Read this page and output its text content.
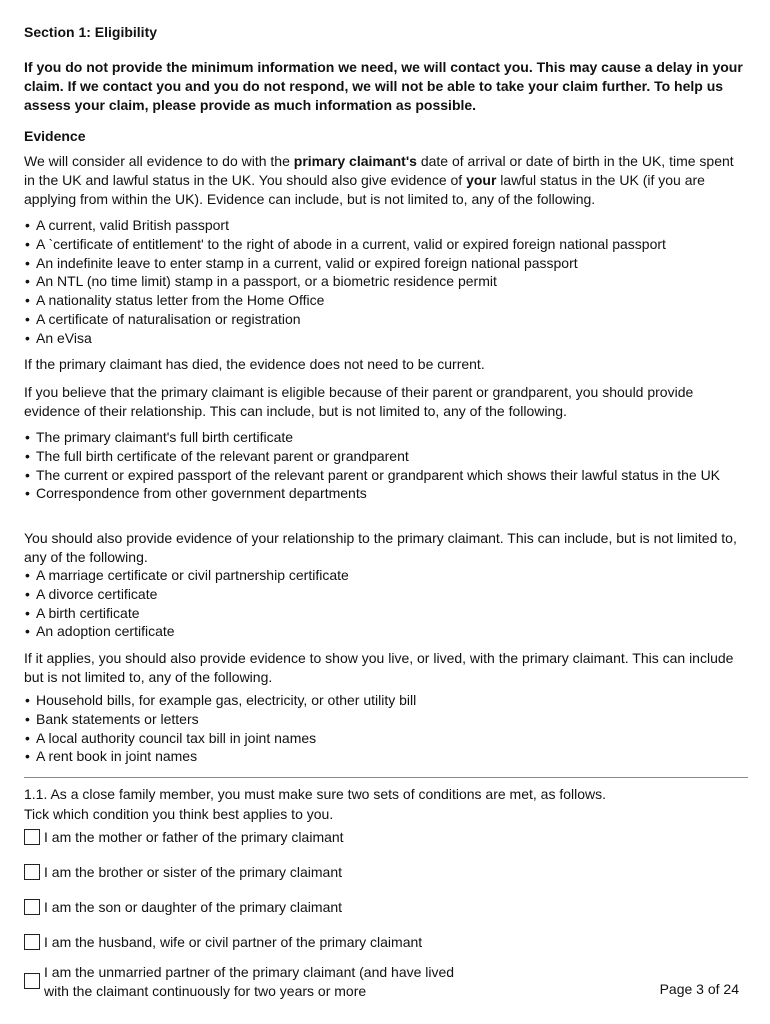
Section 1: Eligibility
If you do not provide the minimum information we need, we will contact you. This may cause a delay in your claim. If we contact you and you do not respond, we will not be able to take your claim further. To help us assess your claim, please provide as much information as possible.
Evidence
We will consider all evidence to do with the primary claimant's date of arrival or date of birth in the UK, time spent in the UK and lawful status in the UK. You should also give evidence of your lawful status in the UK (if you are applying from within the UK). Evidence can include, but is not limited to, any of the following.
• A current, valid British passport
• A `certificate of entitlement' to the right of abode in a current, valid or expired foreign national passport
• An indefinite leave to enter stamp in a current, valid or expired foreign national passport
• An NTL (no time limit) stamp in a passport, or a biometric residence permit
• A nationality status letter from the Home Office
• A certificate of naturalisation or registration
• An eVisa
If the primary claimant has died, the evidence does not need to be current.
If you believe that the primary claimant is eligible because of their parent or grandparent, you should provide evidence of their relationship. This can include, but is not limited to, any of the following.
• The primary claimant's full birth certificate
• The full birth certificate of the relevant parent or grandparent
• The current or expired passport of the relevant parent or grandparent which shows their lawful status in the UK
• Correspondence from other government departments
You should also provide evidence of your relationship to the primary claimant. This can include, but is not limited to, any of the following.
• A marriage certificate or civil partnership certificate
• A divorce certificate
• A birth certificate
• An adoption certificate
If it applies, you should also provide evidence to show you live, or lived, with the primary claimant. This can include but is not limited to, any of the following.
• Household bills, for example gas, electricity, or other utility bill
• Bank statements or letters
• A local authority council tax bill in joint names
• A rent book in joint names
1.1. As a close family member, you must make sure two sets of conditions are met, as follows.
Tick which condition you think best applies to you.
I am the mother or father of the primary claimant
I am the brother or sister of the primary claimant
I am the son or daughter of the primary claimant
I am the husband, wife or civil partner of the primary claimant
I am the unmarried partner of the primary claimant (and have lived with the claimant continuously for two years or more	Page 3 of 24
